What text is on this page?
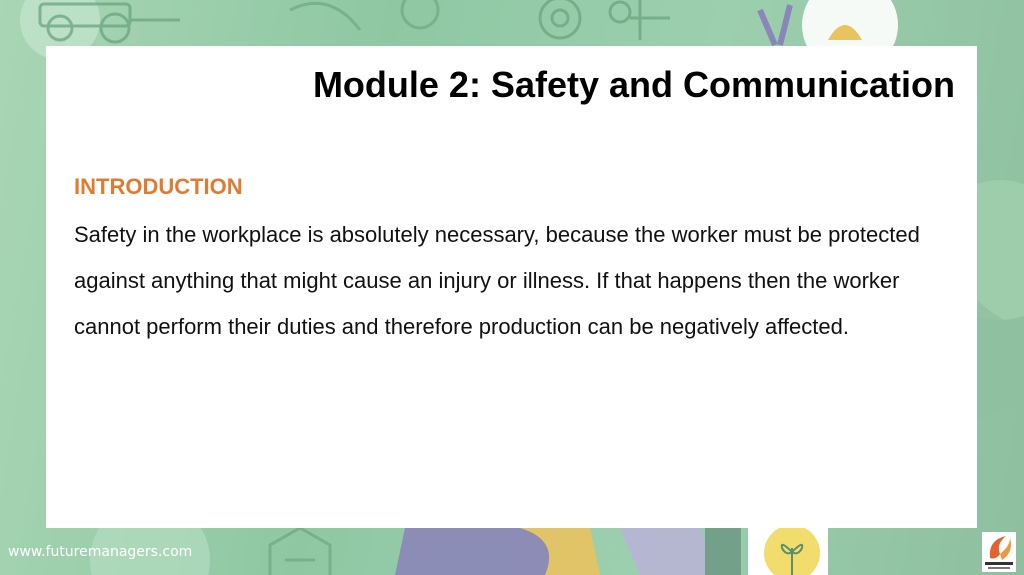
Module 2: Safety and Communication
INTRODUCTION

Safety in the workplace is absolutely necessary, because the worker must be protected against anything that might cause an injury or illness. If that happens then the worker cannot perform their duties and therefore production can be negatively affected.

www.futuremanagers.com
